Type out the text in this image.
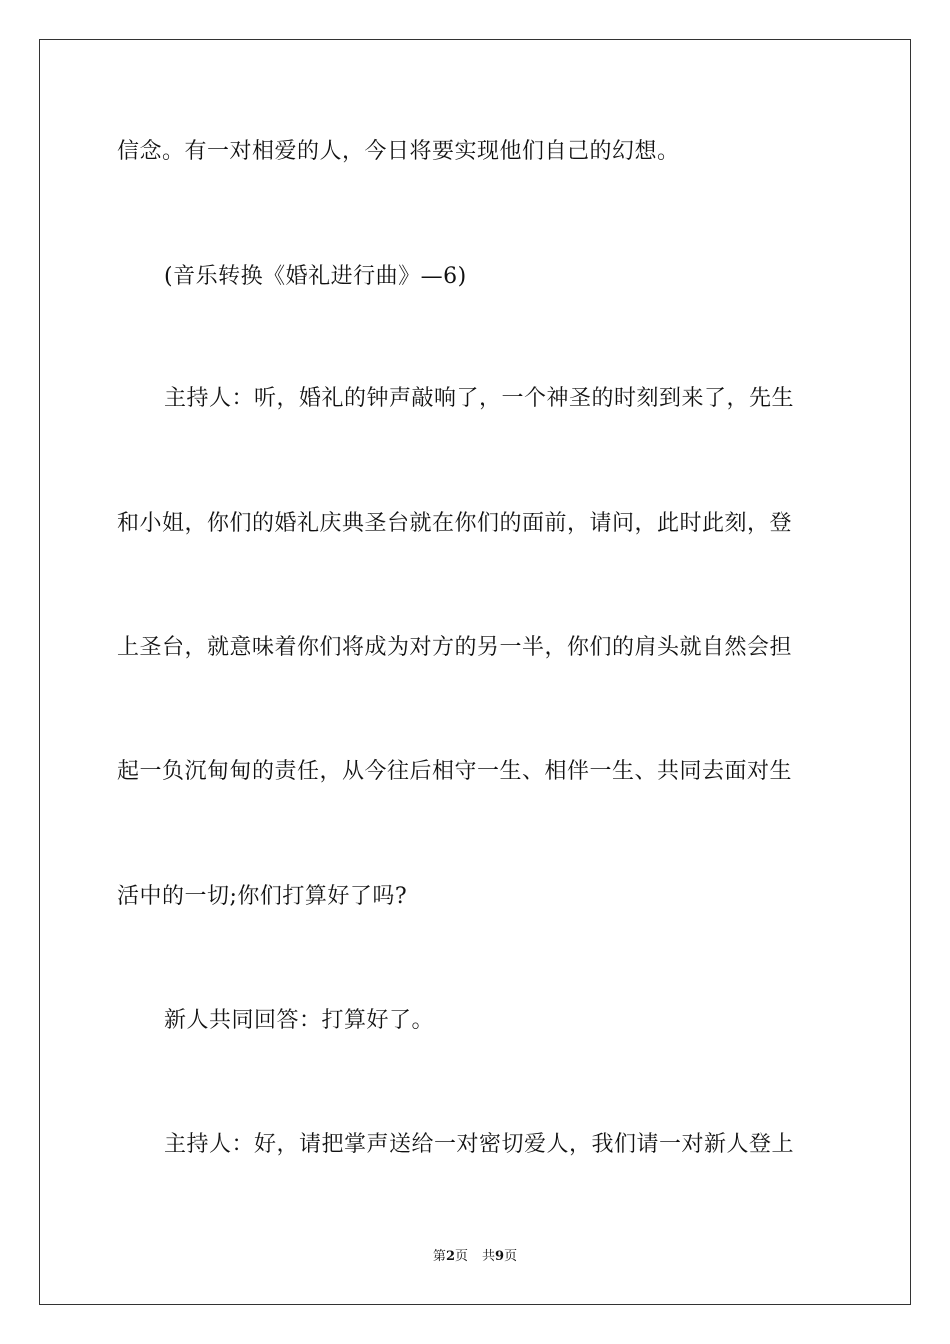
信念。有一对相爱的人，今日将要实现他们自己的幻想。
(音乐转换《婚礼进行曲》—6)
主持人：听，婚礼的钟声敲响了，一个神圣的时刻到来了，先生
和小姐，你们的婚礼庆典圣台就在你们的面前，请问，此时此刻，登
上圣台，就意味着你们将成为对方的另一半，你们的肩头就自然会担
起一负沉甸甸的责任，从今往后相守一生、相伴一生、共同去面对生
活中的一切;你们打算好了吗?
新人共同回答：打算好了。
主持人：好，请把掌声送给一对密切爱人，我们请一对新人登上
第2页 共9页
